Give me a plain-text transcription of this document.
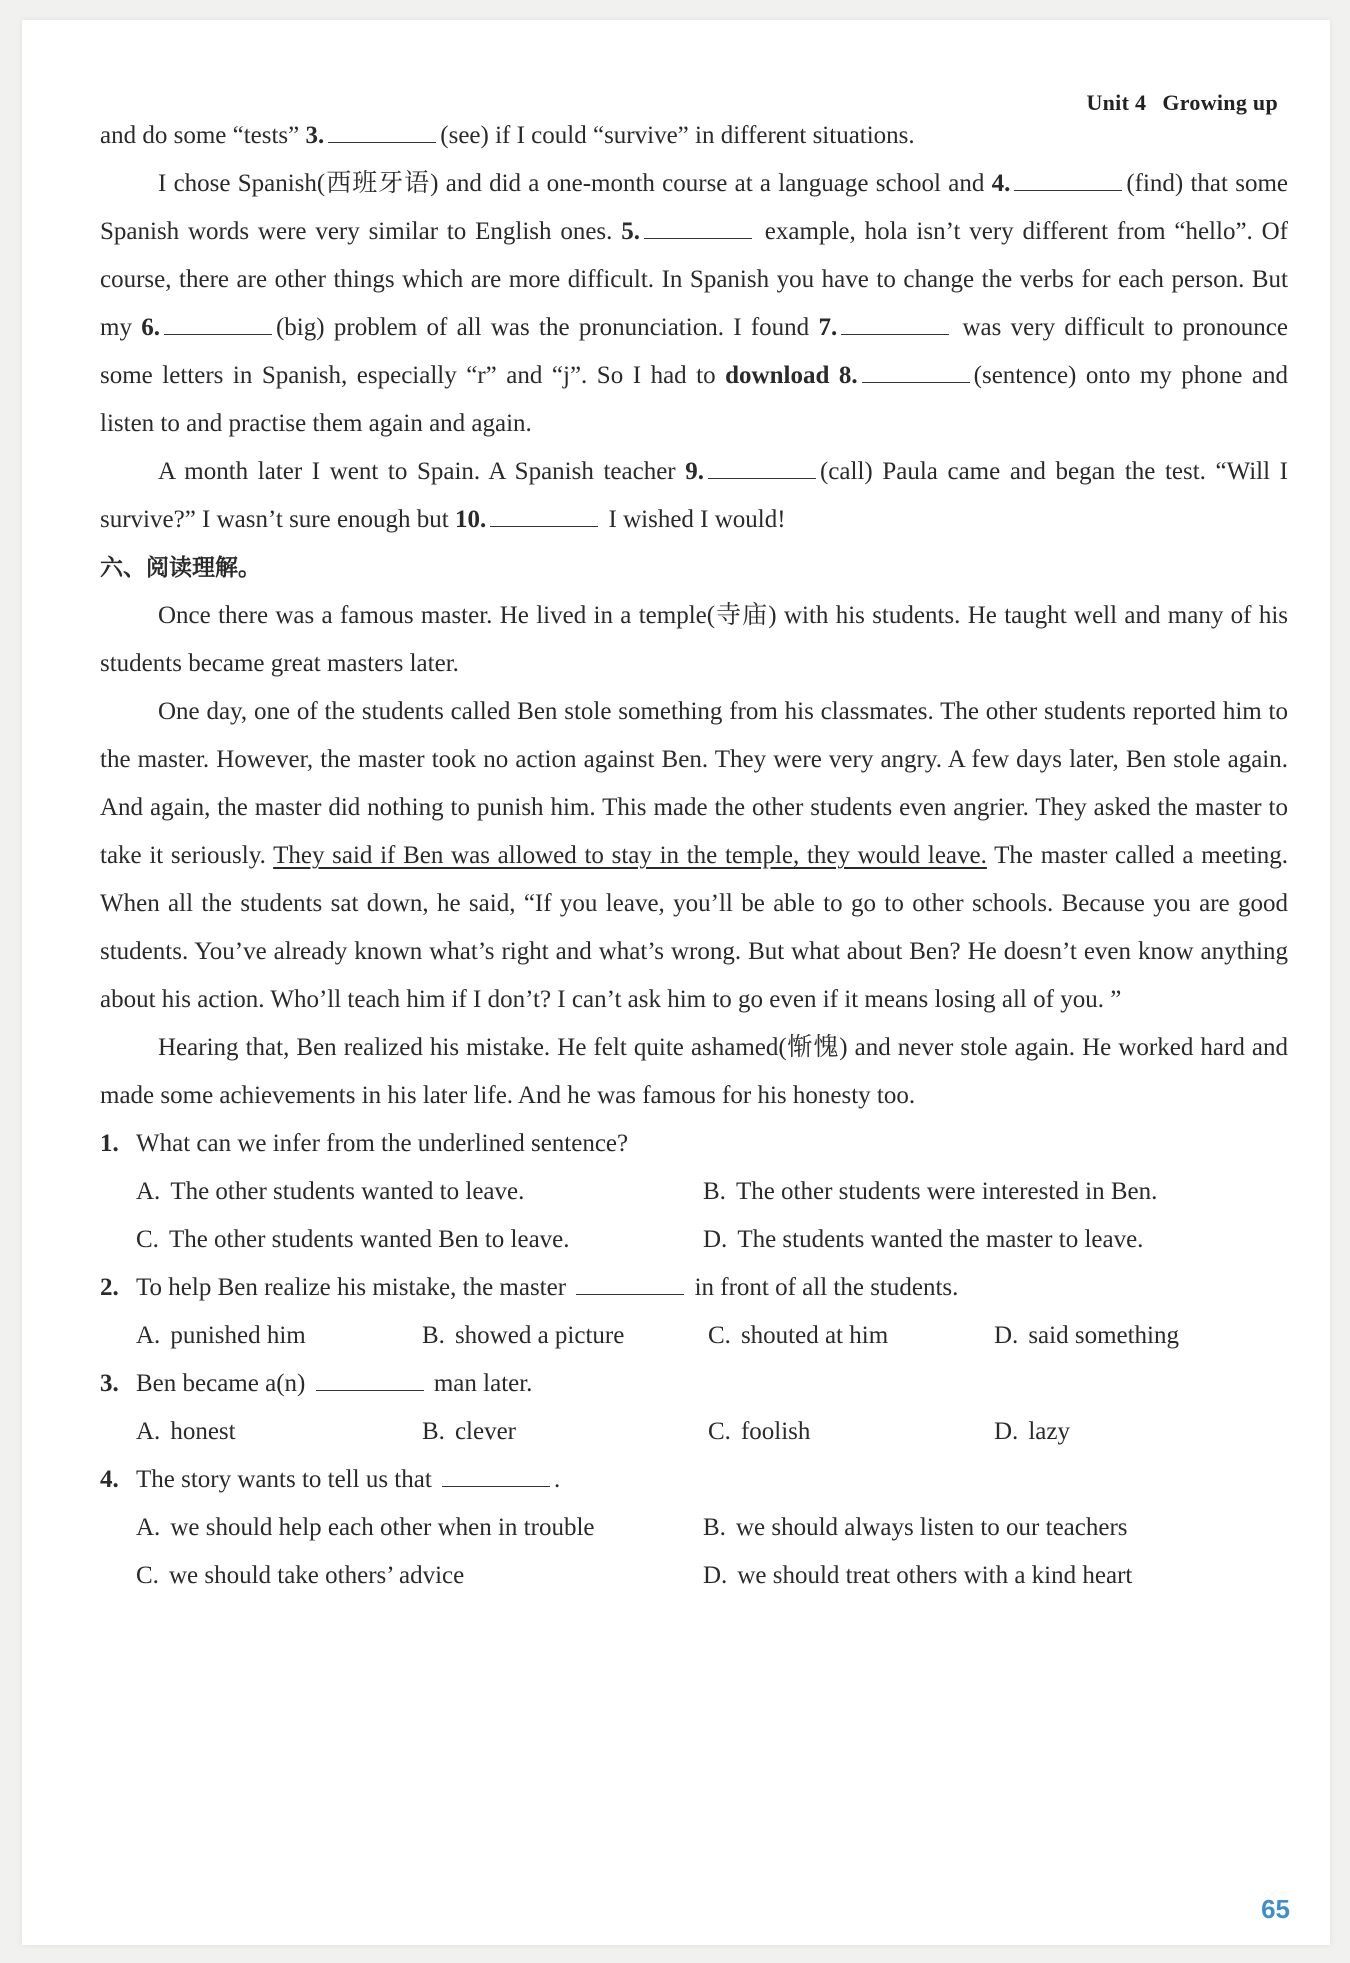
Unit 4 Growing up

and do some “tests” 3.	(see) if I could “survive” in different situations.

I chose Spanish(西班牙语) and did a one-month course at a language school and 4.	(find) that some Spanish words were very similar to English ones. 5.	example, hola isn’t very different from “hello”. Of course, there are other things which are more difficult. In Spanish you have to change the verbs for each person. But my 6.	(big) problem of all was the pronunciation. I found 7.	was very difficult to pronounce some letters in Spanish, especially “r” and “j”. So I had to download 8.	(sentence) onto my phone and listen to and practise them again and again.

A month later I went to Spain. A Spanish teacher 9.	(call) Paula came and began the test. “Will I survive?” I wasn’t sure enough but 10.	I wished I would!

六、阅读理解。

Once there was a famous master. He lived in a temple(寺庙) with his students. He taught well and many of his students became great masters later.

One day, one of the students called Ben stole something from his classmates. The other students reported him to the master. However, the master took no action against Ben. They were very angry. A few days later, Ben stole again. And again, the master did nothing to punish him. This made the other students even angrier. They asked the master to take it seriously. They said if Ben was allowed to stay in the temple, they would leave. The master called a meeting. When all the students sat down, he said, “If you leave, you’ll be able to go to other schools. Because you are good students. You’ve already known what’s right and what’s wrong. But what about Ben? He doesn’t even know anything about his action. Who’ll teach him if I don’t? I can’t ask him to go even if it means losing all of you. ”

Hearing that, Ben realized his mistake. He felt quite ashamed(惭愧) and never stole again. He worked hard and made some achievements in his later life. And he was famous for his honesty too.

1. What can we infer from the underlined sentence?
A. The other students wanted to leave.	B. The other students were interested in Ben.
C. The other students wanted Ben to leave.	D. The students wanted the master to leave.
2. To help Ben realize his mistake, the master	in front of all the students.
A. punished him	B. showed a picture	C. shouted at him	D. said something
3. Ben became a(n)	man later.
A. honest	B. clever	C. foolish	D. lazy
4. The story wants to tell us that	.
A. we should help each other when in trouble	B. we should always listen to our teachers
C. we should take others’ advice	D. we should treat others with a kind heart
65
